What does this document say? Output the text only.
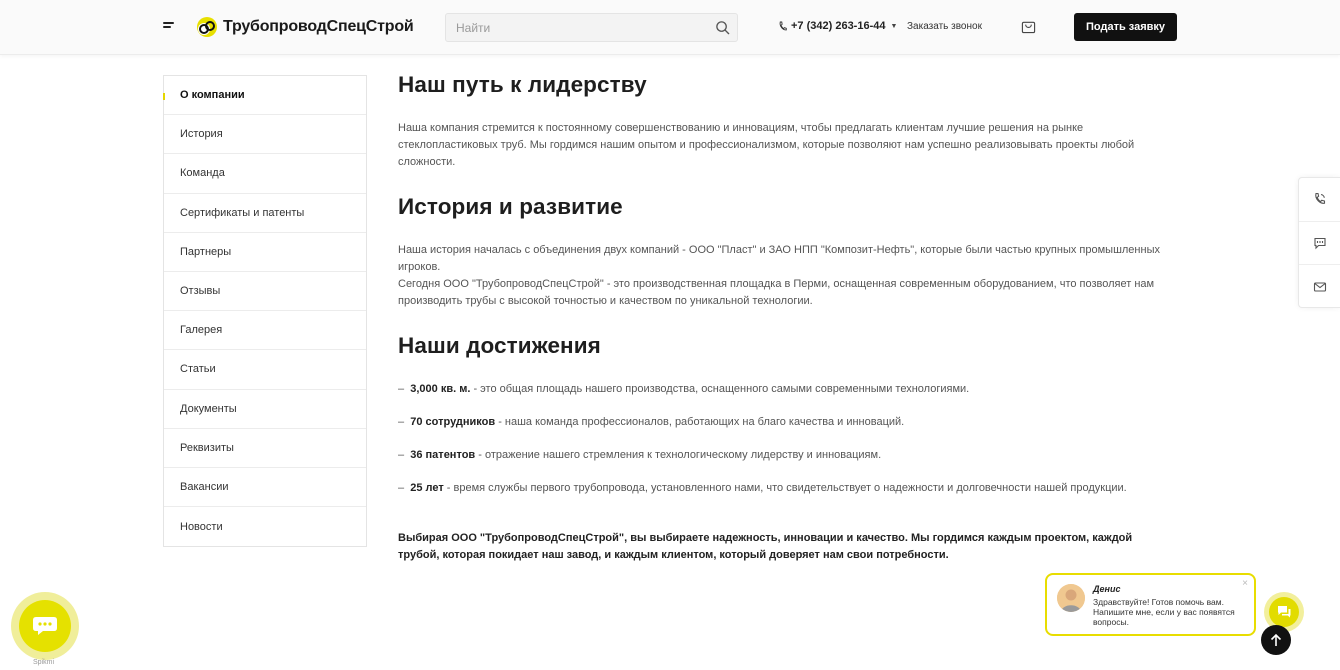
ТрубопроводСпецСтрой
Найти	+7 (342) 263-16-44 ▼ Заказать звонок	Подать заявку
О компании
История
Команда
Сертификаты и патенты
Партнеры
Отзывы
Галерея
Статьи
Документы
Реквизиты
Вакансии
Новости
Наш путь к лидерству

Наша компания стремится к постоянному совершенствованию и инновациям, чтобы предлагать клиентам лучшие решения на рынке стеклопластиковых труб. Мы гордимся нашим опытом и профессионализмом, которые позволяют нам успешно реализовывать проекты любой сложности.

История и развитие

Наша история началась с объединения двух компаний - ООО "Пласт" и ЗАО НПП "Композит-Нефть", которые были частью крупных промышленных игроков.

Сегодня ООО "ТрубопроводСпецСтрой" - это производственная площадка в Перми, оснащенная современным оборудованием, что позволяет нам производить трубы с высокой точностью и качеством по уникальной технологии.

Наши достижения
– 3,000 кв. м. - это общая площадь нашего производства, оснащенного самыми современными технологиями.
– 70 сотрудников - наша команда профессионалов, работающих на благо качества и инноваций.
– 36 патентов - отражение нашего стремления к технологическому лидерству и инновациям.
– 25 лет - время службы первого трубопровода, установленного нами, что свидетельствует о надежности и долговечности нашей продукции.

Выбирая ООО "ТрубопроводСпецСтрой", вы выбираете надежность, инновации и качество. Мы гордимся каждым проектом, каждой трубой, которая покидает наш завод, и каждым клиентом, который доверяет нам свои потребности.

Spikmi
Денис
Здравствуйте! Готов помочь вам. Напишите мне, если у вас появятся вопросы.
×
